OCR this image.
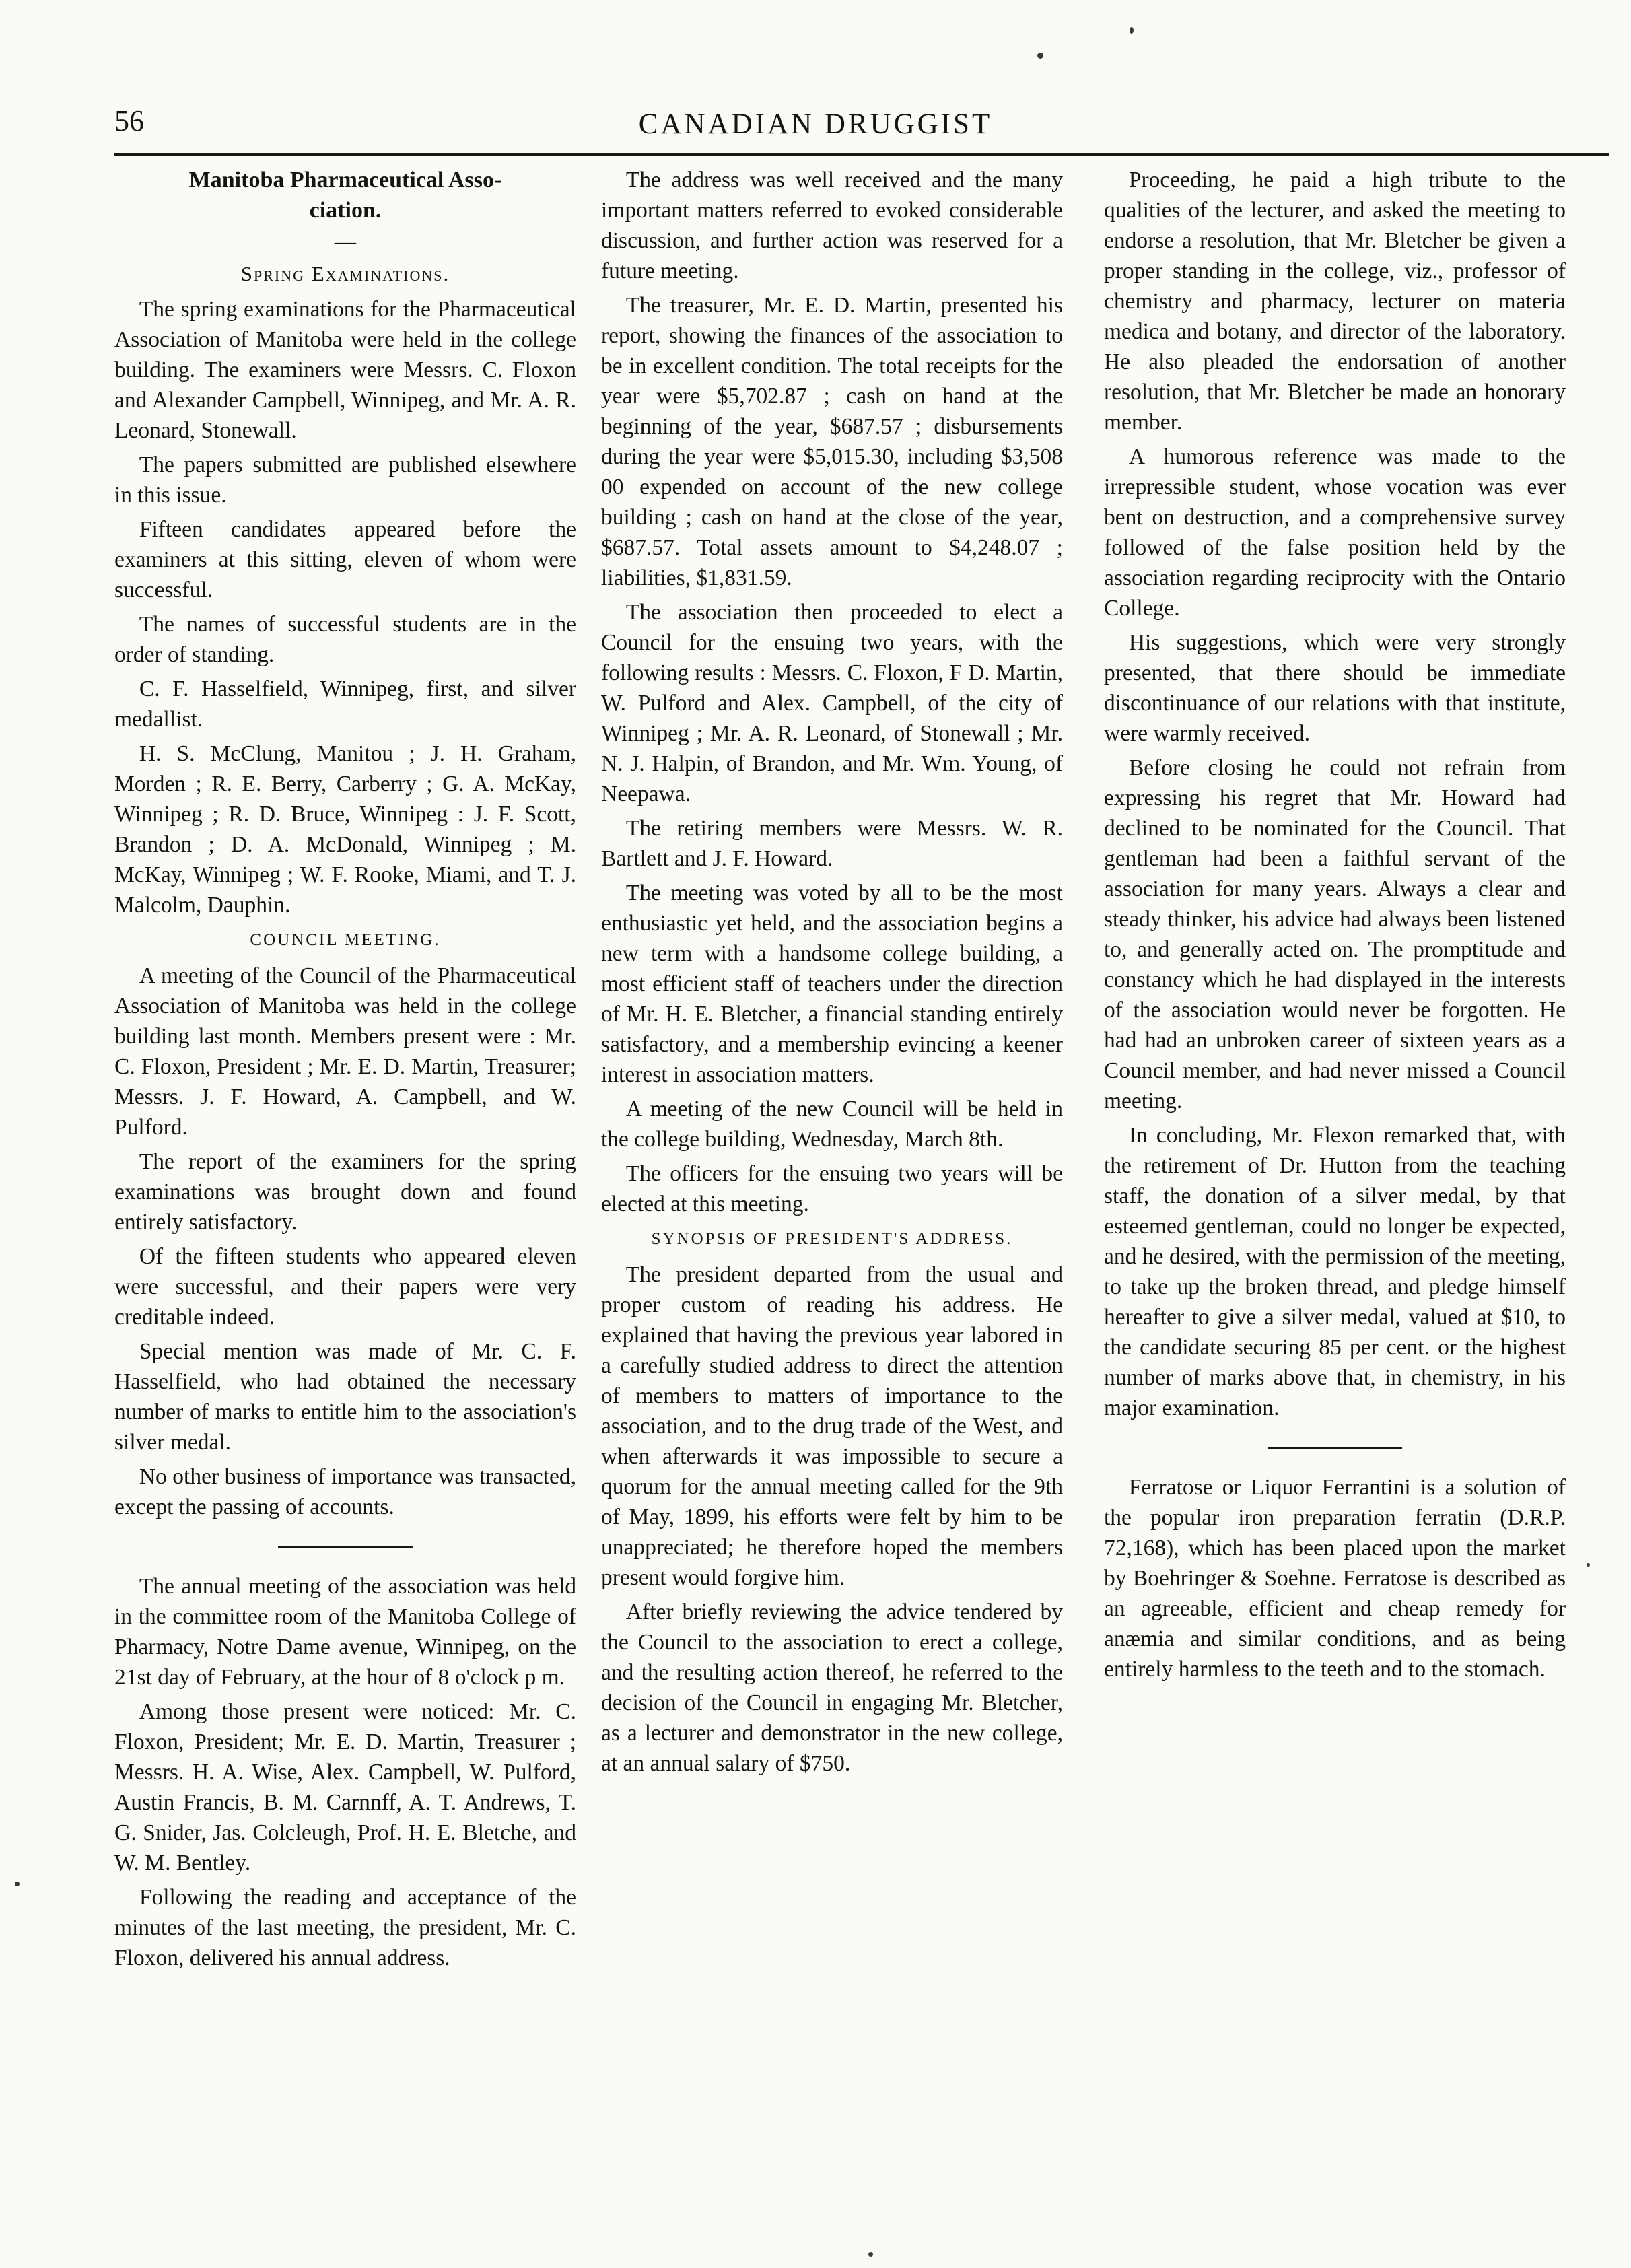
56	CANADIAN DRUGGIST
Manitoba Pharmaceutical Asso-
ciation.
—
Spring Examinations.

The spring examinations for the Pharmaceutical Association of Manitoba were held in the college building. The examiners were Messrs. C. Floxon and Alexander Campbell, Winnipeg, and Mr. A. R. Leonard, Stonewall.

The papers submitted are published elsewhere in this issue.

Fifteen candidates appeared before the examiners at this sitting, eleven of whom were successful.

The names of successful students are in the order of standing.

C. F. Hasselfield, Winnipeg, first, and silver medallist.

H. S. McClung, Manitou ; J. H. Graham, Morden ; R. E. Berry, Carberry ; G. A. McKay, Winnipeg ; R. D. Bruce, Winnipeg : J. F. Scott, Brandon ; D. A. McDonald, Winnipeg ; M. McKay, Winnipeg ; W. F. Rooke, Miami, and T. J. Malcolm, Dauphin.

COUNCIL MEETING.

A meeting of the Council of the Pharmaceutical Association of Manitoba was held in the college building last month. Members present were : Mr. C. Floxon, President ; Mr. E. D. Martin, Treasurer; Messrs. J. F. Howard, A. Campbell, and W. Pulford.

The report of the examiners for the spring examinations was brought down and found entirely satisfactory.

Of the fifteen students who appeared eleven were successful, and their papers were very creditable indeed.

Special mention was made of Mr. C. F. Hasselfield, who had obtained the necessary number of marks to entitle him to the association's silver medal.

No other business of importance was transacted, except the passing of accounts.

The annual meeting of the association was held in the committee room of the Manitoba College of Pharmacy, Notre Dame avenue, Winnipeg, on the 21st day of February, at the hour of 8 o'clock p m.

Among those present were noticed: Mr. C. Floxon, President; Mr. E. D. Martin, Treasurer ; Messrs. H. A. Wise, Alex. Campbell, W. Pulford, Austin Francis, B. M. Carnnff, A. T. Andrews, T. G. Snider, Jas. Colcleugh, Prof. H. E. Bletche, and W. M. Bentley.

Following the reading and acceptance of the minutes of the last meeting, the president, Mr. C. Floxon, delivered his annual address.

The address was well received and the many important matters referred to evoked considerable discussion, and further action was reserved for a future meeting.

The treasurer, Mr. E. D. Martin, presented his report, showing the finances of the association to be in excellent condition. The total receipts for the year were $5,702.87 ; cash on hand at the beginning of the year, $687.57 ; disbursements during the year were $5,015.30, including $3,508 00 expended on account of the new college building ; cash on hand at the close of the year, $687.57. Total assets amount to $4,248.07 ; liabilities, $1,831.59.

The association then proceeded to elect a Council for the ensuing two years, with the following results : Messrs. C. Floxon, F D. Martin, W. Pulford and Alex. Campbell, of the city of Winnipeg ; Mr. A. R. Leonard, of Stonewall ; Mr. N. J. Halpin, of Brandon, and Mr. Wm. Young, of Neepawa.

The retiring members were Messrs. W. R. Bartlett and J. F. Howard.

The meeting was voted by all to be the most enthusiastic yet held, and the association begins a new term with a handsome college building, a most efficient staff of teachers under the direction of Mr. H. E. Bletcher, a financial standing entirely satisfactory, and a membership evincing a keener interest in association matters.

A meeting of the new Council will be held in the college building, Wednesday, March 8th.

The officers for the ensuing two years will be elected at this meeting.

SYNOPSIS OF PRESIDENT'S ADDRESS.

The president departed from the usual and proper custom of reading his address. He explained that having the previous year labored in a carefully studied address to direct the attention of members to matters of importance to the association, and to the drug trade of the West, and when afterwards it was impossible to secure a quorum for the annual meeting called for the 9th of May, 1899, his efforts were felt by him to be unappreciated; he therefore hoped the members present would forgive him.

After briefly reviewing the advice tendered by the Council to the association to erect a college, and the resulting action thereof, he referred to the decision of the Council in engaging Mr. Bletcher, as a lecturer and demonstrator in the new college, at an annual salary of $750.

Proceeding, he paid a high tribute to the qualities of the lecturer, and asked the meeting to endorse a resolution, that Mr. Bletcher be given a proper standing in the college, viz., professor of chemistry and pharmacy, lecturer on materia medica and botany, and director of the laboratory. He also pleaded the endorsation of another resolution, that Mr. Bletcher be made an honorary member.

A humorous reference was made to the irrepressible student, whose vocation was ever bent on destruction, and a comprehensive survey followed of the false position held by the association regarding reciprocity with the Ontario College.

His suggestions, which were very strongly presented, that there should be immediate discontinuance of our relations with that institute, were warmly received.

Before closing he could not refrain from expressing his regret that Mr. Howard had declined to be nominated for the Council. That gentleman had been a faithful servant of the association for many years. Always a clear and steady thinker, his advice had always been listened to, and generally acted on. The promptitude and constancy which he had displayed in the interests of the association would never be forgotten. He had had an unbroken career of sixteen years as a Council member, and had never missed a Council meeting.

In concluding, Mr. Flexon remarked that, with the retirement of Dr. Hutton from the teaching staff, the donation of a silver medal, by that esteemed gentleman, could no longer be expected, and he desired, with the permission of the meeting, to take up the broken thread, and pledge himself hereafter to give a silver medal, valued at $10, to the candidate securing 85 per cent. or the highest number of marks above that, in chemistry, in his major examination.

Ferratose or Liquor Ferrantini is a solution of the popular iron preparation ferratin (D.R.P. 72,168), which has been placed upon the market by Boehringer & Soehne. Ferratose is described as an agreeable, efficient and cheap remedy for anæmia and similar conditions, and as being entirely harmless to the teeth and to the stomach.
